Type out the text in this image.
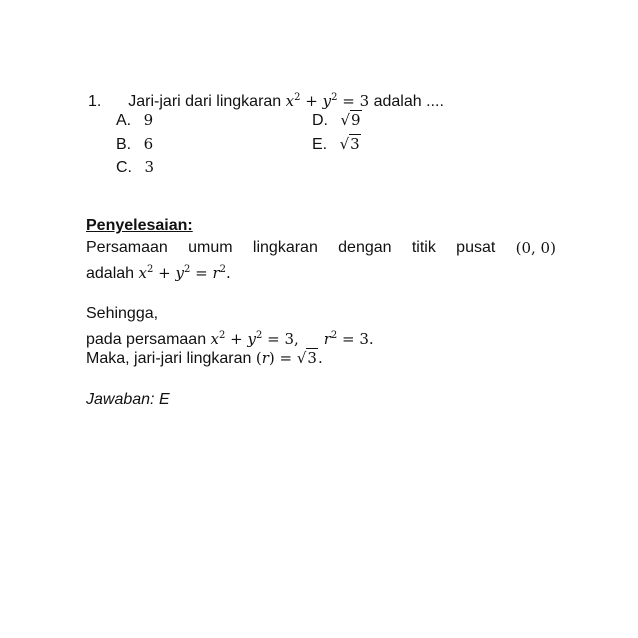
1. Jari-jari dari lingkaran $x^2 + y^2 = 3$ adalah ....
A. 9
B. 6
C. 3
D. √9
E. √3
Penyelesaian:
Persamaan umum lingkaran dengan titik pusat (0, 0)
adalah $x^2 + y^2 = r^2$.
Sehingga,
pada persamaan $x^2 + y^2 = 3$, $r^2 = 3$.
Maka, jari-jari lingkaran (r) = √3.
Jawaban: E
